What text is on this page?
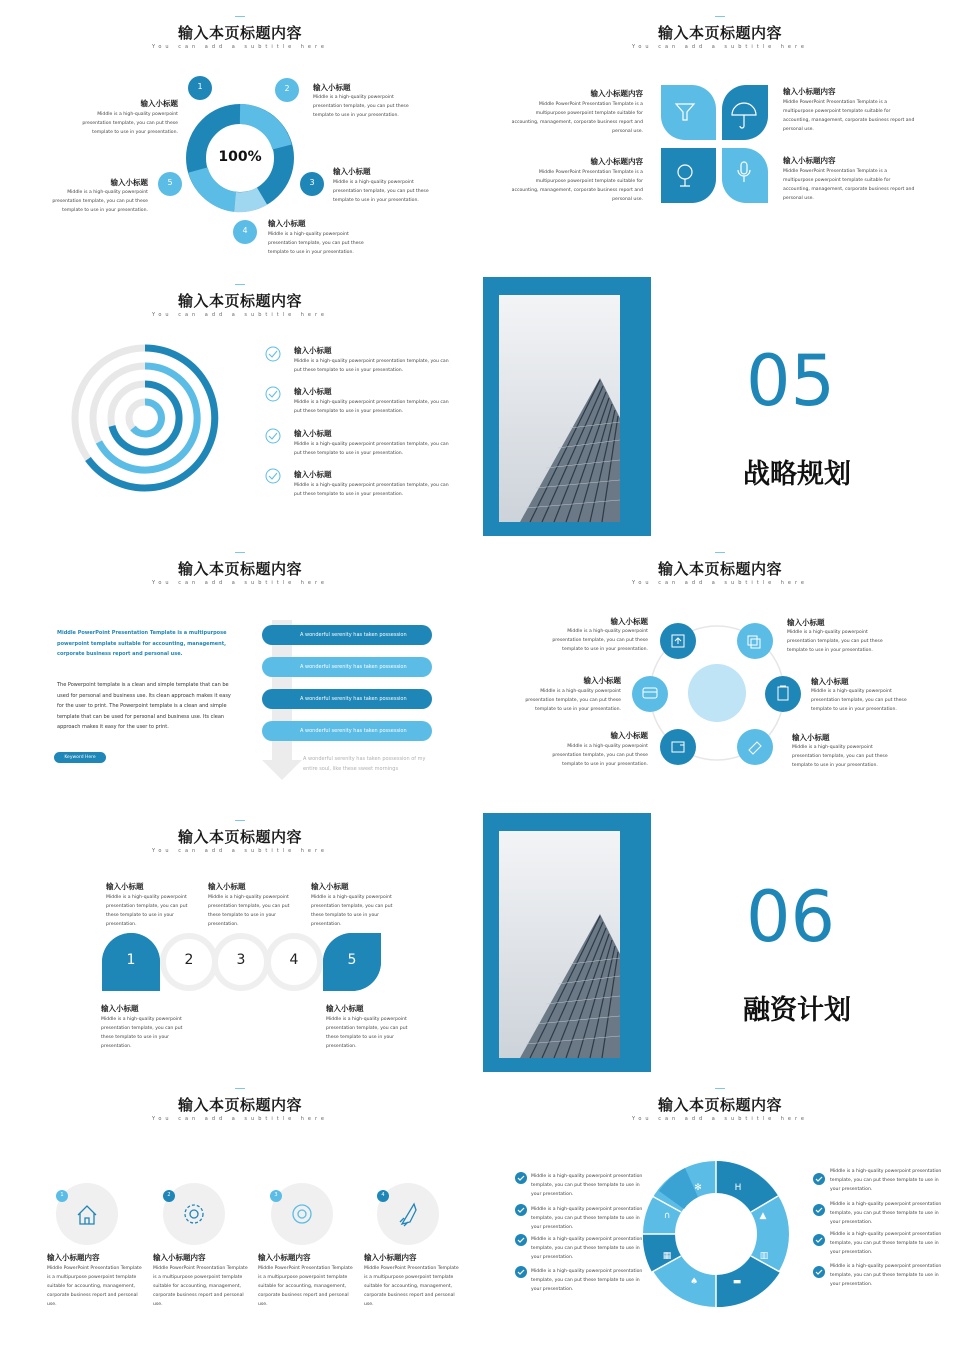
输入本页标题内容
You can add a subtitle here
100%
1	2
3
4
5
输入小标题
Middle is a high-quality powerpoint presentation template, you can put these template to use in your presentation.
输入小标题
Middle is a high-quality powerpoint presentation template, you can put these template to use in your presentation.
输入小标题
Middle is a high-quality powerpoint presentation template, you can put these template to use in your presentation.
输入小标题
Middle is a high-quality powerpoint presentation template, you can put these template to use in your presentation.
输入小标题
Middle is a high-quality powerpoint presentation template, you can put these template to use in your presentation.
输入本页标题内容
You can add a subtitle here
输入小标题内容
Middle PowerPoint Presentation Template is a multipurpose powerpoint template suitable for accounting, management, corporate business report and personal use.
输入小标题内容
Middle PowerPoint Presentation Template is a multipurpose powerpoint template suitable for accounting, management, corporate business report and personal use.
输入小标题内容
Middle PowerPoint Presentation Template is a multipurpose powerpoint template suitable for accounting, management, corporate business report and personal use.
输入小标题内容
Middle PowerPoint Presentation Template is a multipurpose powerpoint template suitable for accounting, management, corporate business report and personal use.
输入本页标题内容
You can add a subtitle here
输入小标题
Middle is a high-quality powerpoint presentation template, you can put these template to use in your presentation.
输入小标题
Middle is a high-quality powerpoint presentation template, you can put these template to use in your presentation.
输入小标题
Middle is a high-quality powerpoint presentation template, you can put these template to use in your presentation.
输入小标题
Middle is a high-quality powerpoint presentation template, you can put these template to use in your presentation.
05
战略规划
输入本页标题内容
You can add a subtitle here
Middle PowerPoint Presentation Template is a multipurpose powerpoint template suitable for accounting, management, corporate business report and personal use.
The Powerpoint template is a clean and simple template that can be used for personal and business use. Its clean approach makes it easy for the user to print. The Powerpoint template is a clean and simple template that can be used for personal and business use. Its clean approach makes it easy for the user to print.
Keyword Here
A wonderful serenity has taken possession
A wonderful serenity has taken possession
A wonderful serenity has taken possession
A wonderful serenity has taken possession
A wonderful serenity has taken possession of my entire soul, like these sweet mornings
输入本页标题内容
You can add a subtitle here
输入小标题
Middle is a high-quality powerpoint presentation template, you can put these template to use in your presentation.
输入小标题
Middle is a high-quality powerpoint presentation template, you can put these template to use in your presentation.
输入小标题
Middle is a high-quality powerpoint presentation template, you can put these template to use in your presentation.
输入小标题
Middle is a high-quality powerpoint presentation template, you can put these template to use in your presentation.
输入小标题
Middle is a high-quality powerpoint presentation template, you can put these template to use in your presentation.
输入小标题
Middle is a high-quality powerpoint presentation template, you can put these template to use in your presentation.
输入本页标题内容
You can add a subtitle here
1	2	3	4	5
输入小标题
Middle is a high-quality powerpoint presentation template, you can put these template to use in your presentation.
输入小标题
Middle is a high-quality powerpoint presentation template, you can put these template to use in your presentation.
输入小标题
Middle is a high-quality powerpoint presentation template, you can put these template to use in your presentation.
输入小标题
Middle is a high-quality powerpoint presentation template, you can put these template to use in your presentation.
输入小标题
Middle is a high-quality powerpoint presentation template, you can put these template to use in your presentation.
06
融资计划
输入本页标题内容
You can add a subtitle here
1	2	3	4
输入小标题内容
Middle PowerPoint Presentation Template is a multipurpose powerpoint template suitable for accounting, management, corporate business report and personal use.
输入小标题内容
Middle PowerPoint Presentation Template is a multipurpose powerpoint template suitable for accounting, management, corporate business report and personal use.
输入小标题内容
Middle PowerPoint Presentation Template is a multipurpose powerpoint template suitable for accounting, management, corporate business report and personal use.
输入小标题内容
Middle PowerPoint Presentation Template is a multipurpose powerpoint template suitable for accounting, management, corporate business report and personal use.
输入本页标题内容
You can add a subtitle here
✻	H
▲
▥
▬
♠
▦
∩
Middle is a high-quality powerpoint presentation template, you can put these template to use in your presentation.
Middle is a high-quality powerpoint presentation template, you can put these template to use in your presentation.
Middle is a high-quality powerpoint presentation template, you can put these template to use in your presentation.
Middle is a high-quality powerpoint presentation template, you can put these template to use in your presentation.
Middle is a high-quality powerpoint presentation template, you can put these template to use in your presentation.
Middle is a high-quality powerpoint presentation template, you can put these template to use in your presentation.
Middle is a high-quality powerpoint presentation template, you can put these template to use in your presentation.
Middle is a high-quality powerpoint presentation template, you can put these template to use in your presentation.
